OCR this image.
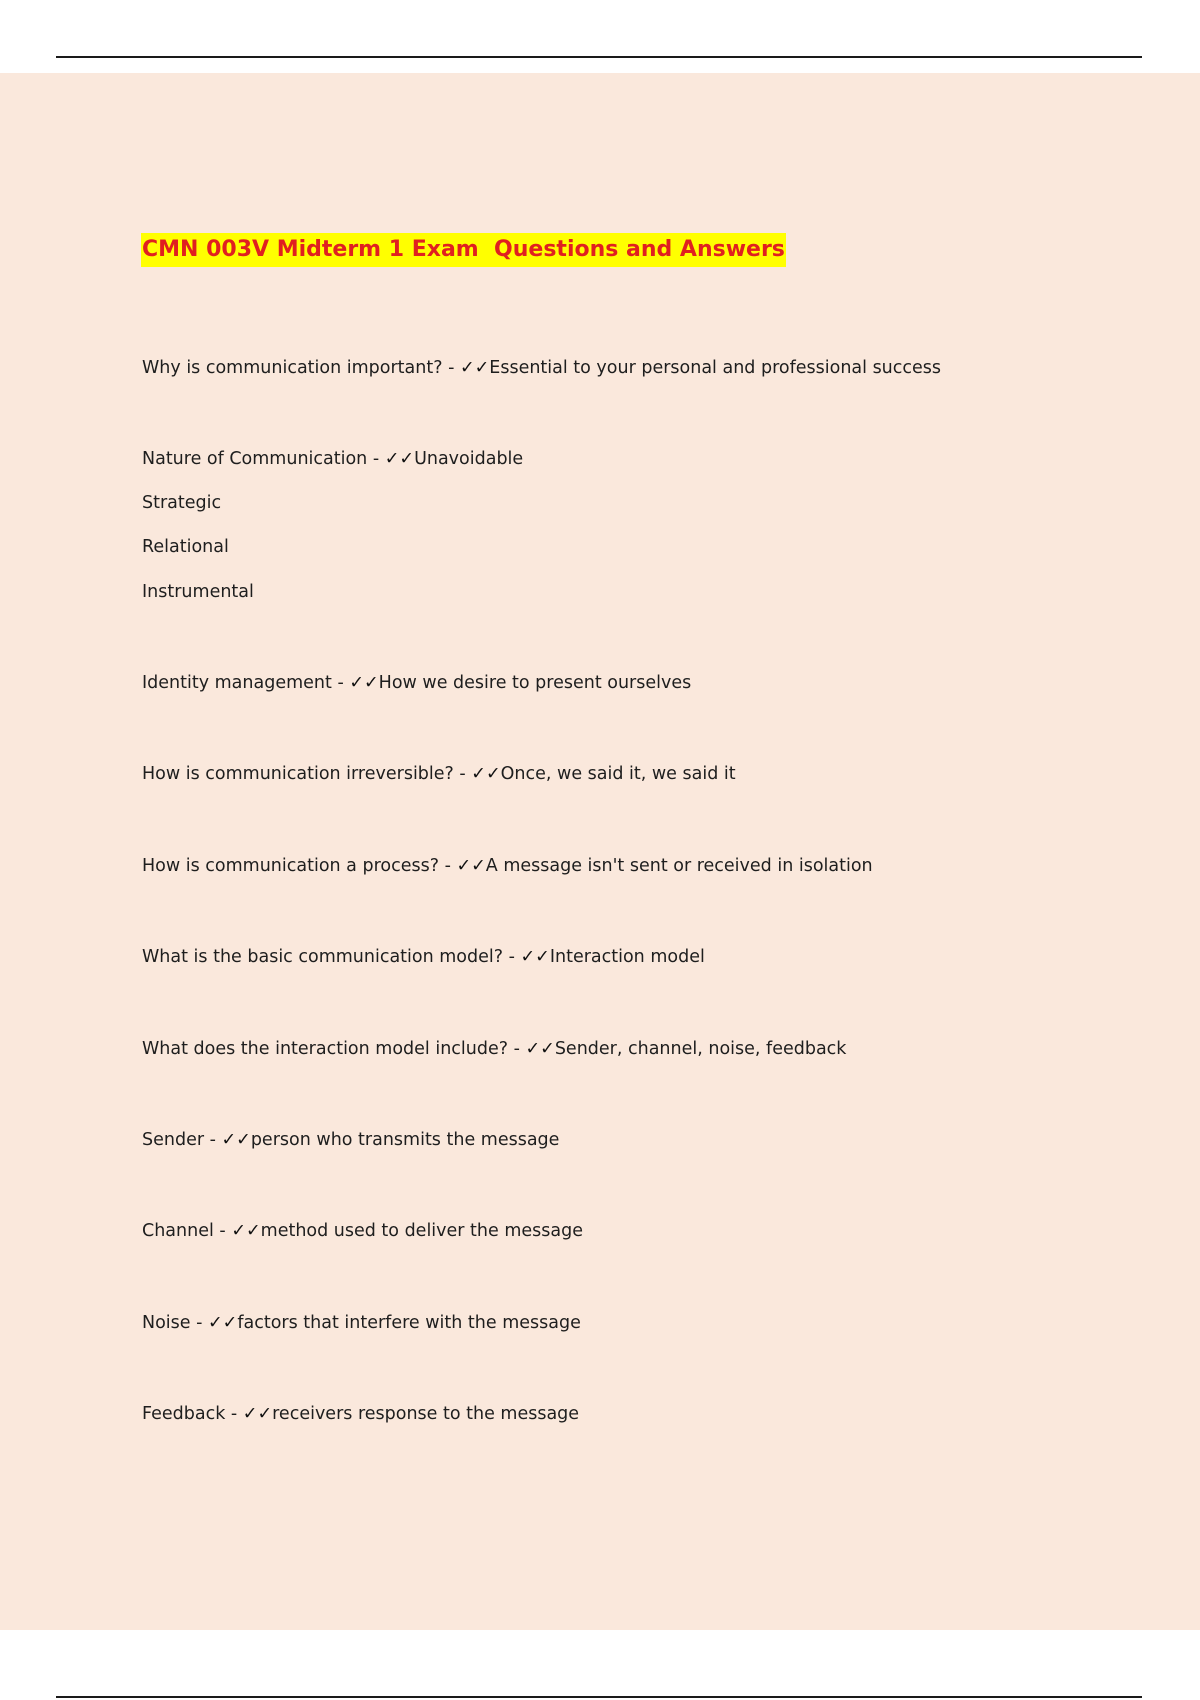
CMN 003V Midterm 1 Exam  Questions and Answers
Why is communication important? - ✓✓Essential to your personal and professional success
Nature of Communication - ✓✓Unavoidable
Strategic
Relational
Instrumental
Identity management - ✓✓How we desire to present ourselves
How is communication irreversible? - ✓✓Once, we said it, we said it
How is communication a process? - ✓✓A message isn't sent or received in isolation
What is the basic communication model? - ✓✓Interaction model
What does the interaction model include? - ✓✓Sender, channel, noise, feedback
Sender - ✓✓person who transmits the message
Channel - ✓✓method used to deliver the message
Noise - ✓✓factors that interfere with the message
Feedback - ✓✓receivers response to the message
